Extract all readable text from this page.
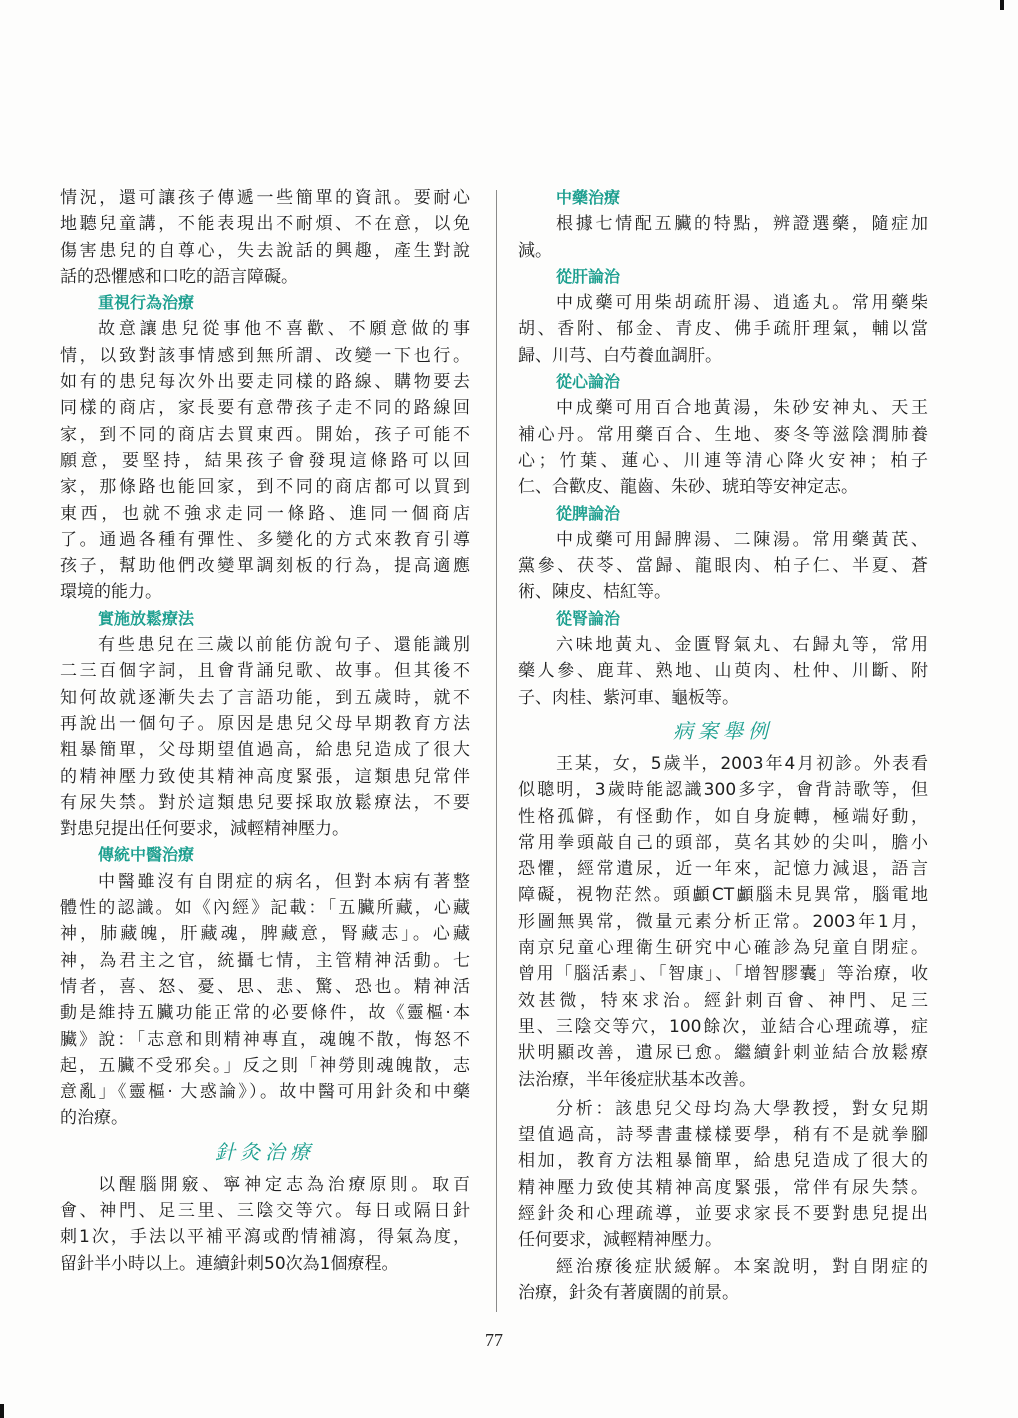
情況，還可讓孩子傳遞一些簡單的資訊。要耐心
地聽兒童講，不能表現出不耐煩、不在意，以免
傷害患兒的自尊心，失去說話的興趣，產生對說
話的恐懼感和口吃的語言障礙。
重視行為治療
故意讓患兒從事他不喜歡、不願意做的事
情，以致對該事情感到無所謂、改變一下也行。
如有的患兒每次外出要走同樣的路線、購物要去
同樣的商店，家長要有意帶孩子走不同的路線回
家，到不同的商店去買東西。開始，孩子可能不
願意，要堅持，結果孩子會發現這條路可以回
家，那條路也能回家，到不同的商店都可以買到
東西，也就不強求走同一條路、進同一個商店
了。通過各種有彈性、多變化的方式來教育引導
孩子，幫助他們改變單調刻板的行為，提高適應
環境的能力。
實施放鬆療法
有些患兒在三歲以前能仿說句子、還能識別
二三百個字詞，且會背誦兒歌、故事。但其後不
知何故就逐漸失去了言語功能，到五歲時，就不
再說出一個句子。原因是患兒父母早期教育方法
粗暴簡單，父母期望值過高，給患兒造成了很大
的精神壓力致使其精神高度緊張，這類患兒常伴
有尿失禁。對於這類患兒要採取放鬆療法，不要
對患兒提出任何要求，減輕精神壓力。
傳統中醫治療
中醫雖沒有自閉症的病名，但對本病有著整
體性的認識。如《內經》記載：「五臟所藏，心藏
神，肺藏魄，肝藏魂，脾藏意，腎藏志」。心藏
神，為君主之官，統攝七情，主管精神活動。七
情者，喜、怒、憂、思、悲、驚、恐也。精神活
動是維持五臟功能正常的必要條件，故《靈樞·本
臟》說：「志意和則精神專直，魂魄不散，悔怒不
起，五臟不受邪矣。」反之則「神勞則魂魄散，志
意亂」《靈樞· 大惑論》）。故中醫可用針灸和中藥
的治療。
針灸治療
以醒腦開竅、寧神定志為治療原則。取百
會、神門、足三里、三陰交等穴。每日或隔日針
刺1次，手法以平補平瀉或酌情補瀉，得氣為度，
留針半小時以上。連續針刺50次為1個療程。
中藥治療
根據七情配五臟的特點，辨證選藥，隨症加
減。
從肝論治
中成藥可用柴胡疏肝湯、逍遙丸。常用藥柴
胡、香附、郁金、青皮、佛手疏肝理氣，輔以當
歸、川芎、白芍養血調肝。
從心論治
中成藥可用百合地黃湯，朱砂安神丸、天王
補心丹。常用藥百合、生地、麥冬等滋陰潤肺養
心；竹葉、蓮心、川連等清心降火安神；柏子
仁、合歡皮、龍齒、朱砂、琥珀等安神定志。
從脾論治
中成藥可用歸脾湯、二陳湯。常用藥黃芪、
黨參、茯苓、當歸、龍眼肉、柏子仁、半夏、蒼
術、陳皮、桔紅等。
從腎論治
六味地黃丸、金匱腎氣丸、右歸丸等，常用
藥人參、鹿茸、熟地、山萸肉、杜仲、川斷、附
子、肉桂、紫河車、龜板等。
病案舉例
王某，女，5歲半，2003年4月初診。外表看
似聰明，3歲時能認識300多字，會背詩歌等，但
性格孤僻，有怪動作，如自身旋轉，極端好動，
常用拳頭敲自己的頭部，莫名其妙的尖叫，膽小
恐懼，經常遺尿，近一年來，記憶力減退，語言
障礙，視物茫然。頭顱CT顱腦未見異常，腦電地
形圖無異常，微量元素分析正常。2003年1月，
南京兒童心理衛生研究中心確診為兒童自閉症。
曾用「腦活素」、「智康」、「增智膠囊」等治療，收
效甚微，特來求治。經針刺百會、神門、足三
里、三陰交等穴，100餘次，並結合心理疏導，症
狀明顯改善，遺尿已愈。繼續針刺並結合放鬆療
法治療，半年後症狀基本改善。
分析：該患兒父母均為大學教授，對女兒期
望值過高，詩琴書畫樣樣要學，稍有不是就拳腳
相加，教育方法粗暴簡單，給患兒造成了很大的
精神壓力致使其精神高度緊張，常伴有尿失禁。
經針灸和心理疏導，並要求家長不要對患兒提出
任何要求，減輕精神壓力。
經治療後症狀緩解。本案說明，對自閉症的
治療，針灸有著廣闊的前景。
77
